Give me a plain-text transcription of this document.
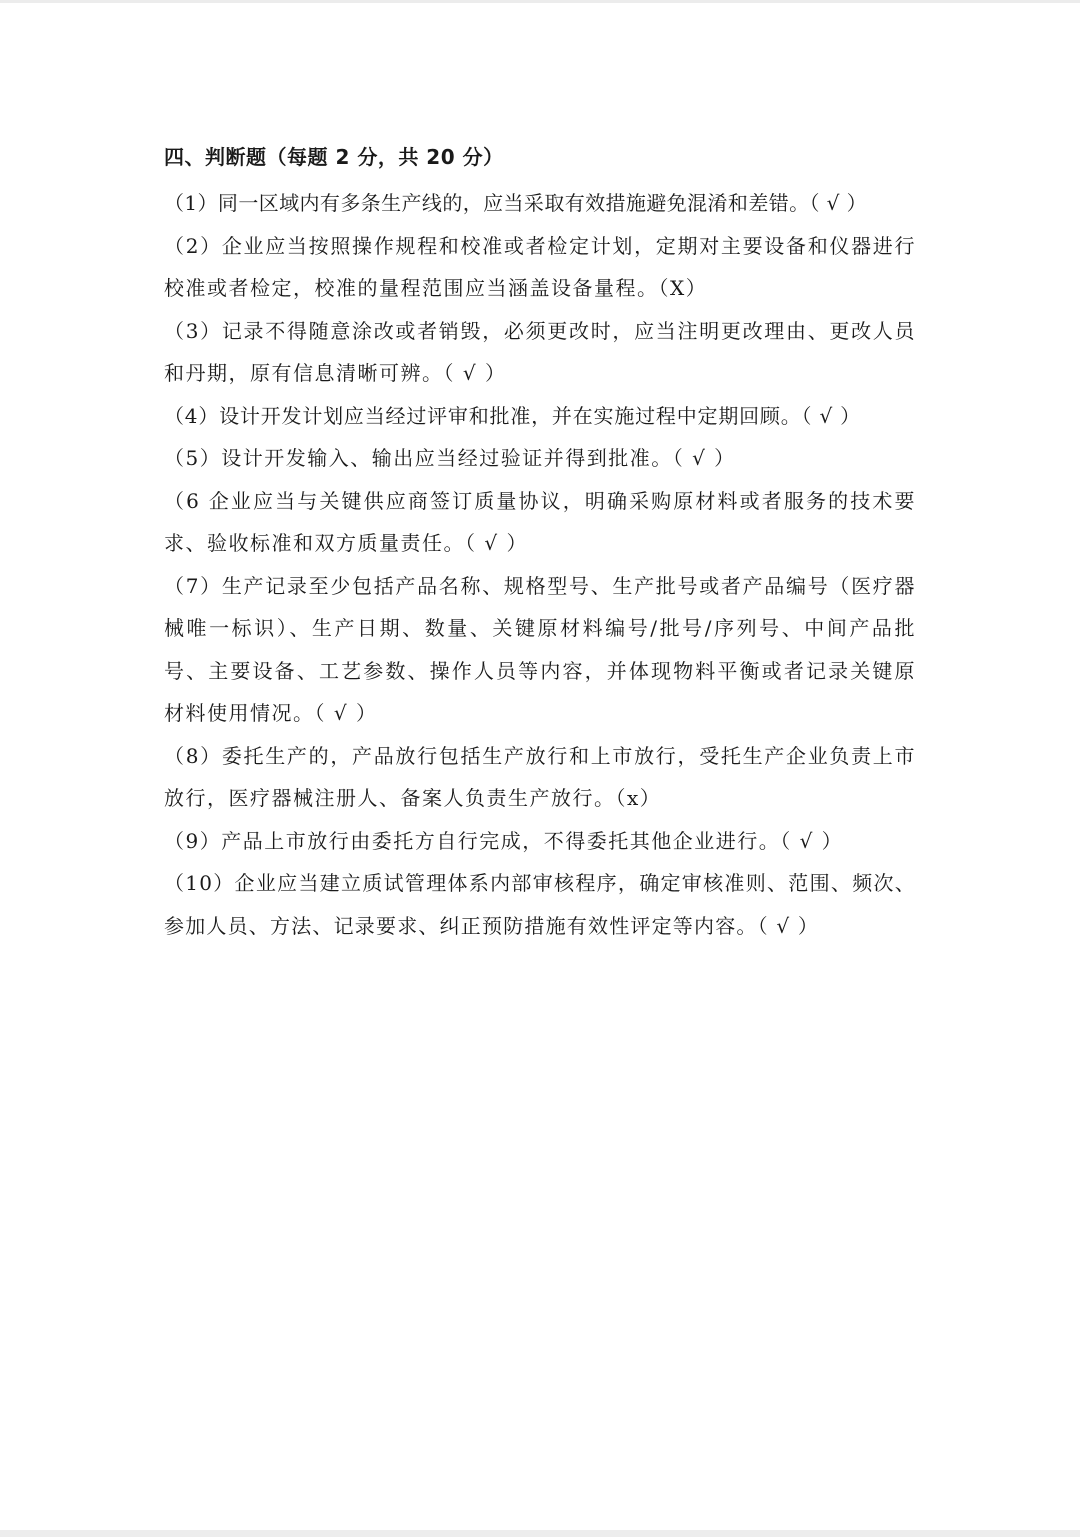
四、判断题（每题 2 分，共 20 分）
（1）同一区域内有多条生产线的，应当采取有效措施避免混淆和差错。（ √ ）
（2）企业应当按照操作规程和校准或者检定计划，定期对主要设备和仪器进行校准或者检定，校准的量程范围应当涵盖设备量程。（X）
（3）记录不得随意涂改或者销毁，必须更改时，应当注明更改理由、更改人员和丹期，原有信息清晰可辨。（ √ ）
（4）设计开发计划应当经过评审和批准，并在实施过程中定期回顾。（ √ ）
（5）设计开发输入、输出应当经过验证并得到批准。（ √ ）
（6 企业应当与关键供应商签订质量协议，明确采购原材料或者服务的技术要求、验收标准和双方质量责任。（ √ ）
（7）生产记录至少包括产品名称、规格型号、生产批号或者产品编号（医疗器械唯一标识）、生产日期、数量、关键原材料编号/批号/序列号、中间产品批号、主要设备、工艺参数、操作人员等内容，并体现物料平衡或者记录关键原材料使用情况。（ √ ）
（8）委托生产的，产品放行包括生产放行和上市放行，受托生产企业负责上市放行，医疗器械注册人、备案人负责生产放行。（x）
（9）产品上市放行由委托方自行完成，不得委托其他企业进行。（ √ ）
（10）企业应当建立质试管理体系内部审核程序，确定审核准则、范围、频次、参加人员、方法、记录要求、纠正预防措施有效性评定等内容。（ √ ）
